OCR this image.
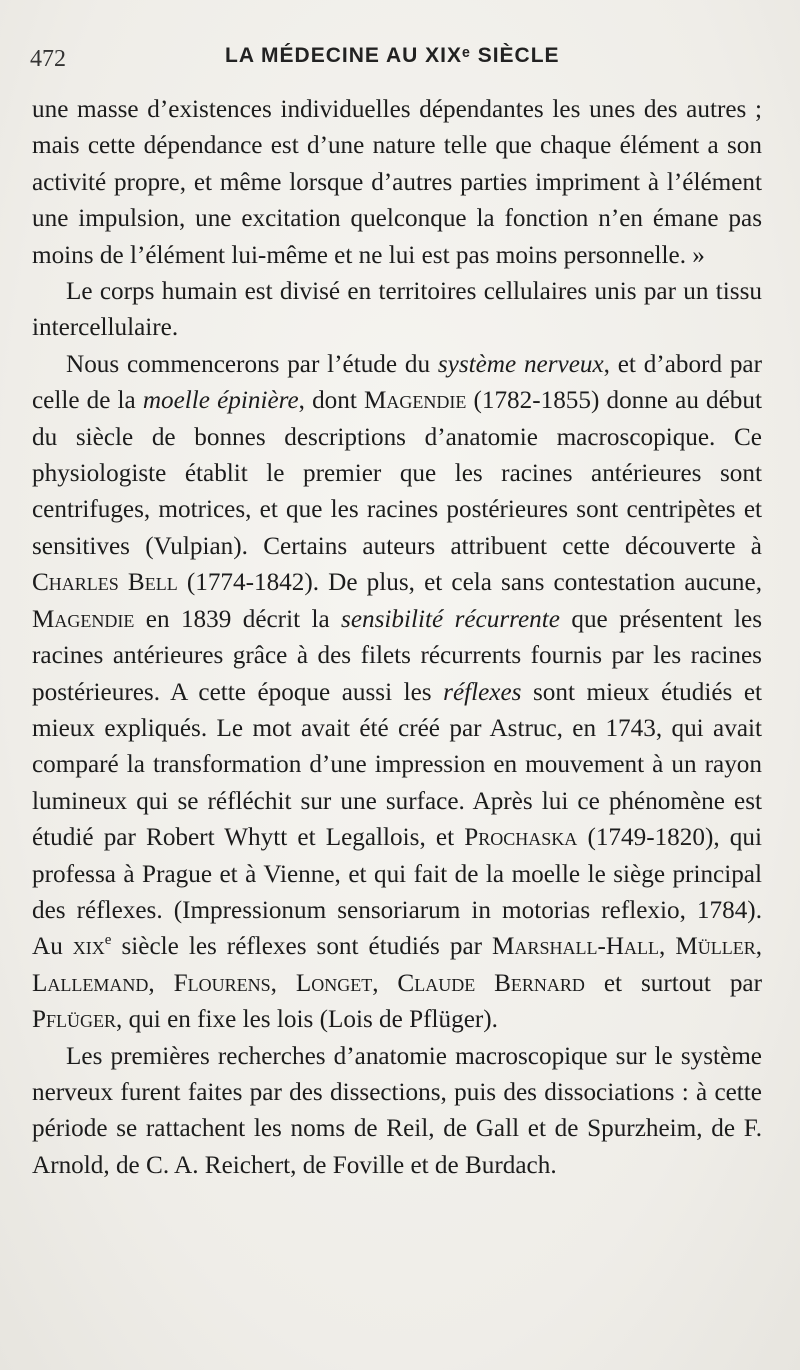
472	LA MÉDECINE AU XIXᵉ SIÈCLE

une masse d’existences individuelles dépendantes les unes des autres ; mais cette dépendance est d’une nature telle que chaque élément a son activité propre, et même lorsque d’autres parties impriment à l’élément une impulsion, une excitation quelconque la fonction n’en émane pas moins de l’élément lui-même et ne lui est pas moins personnelle. »

Le corps humain est divisé en territoires cellulaires unis par un tissu intercellulaire.

Nous commencerons par l’étude du système nerveux, et d’abord par celle de la moelle épinière, dont Magendie (1782-1855) donne au début du siècle de bonnes descriptions d’anatomie macroscopique. Ce physiologiste établit le premier que les racines antérieures sont centrifuges, motrices, et que les racines postérieures sont centripètes et sensitives (Vulpian). Certains auteurs attribuent cette découverte à Charles Bell (1774-1842). De plus, et cela sans contestation aucune, Magendie en 1839 décrit la sensibilité récurrente que présentent les racines antérieures grâce à des filets récurrents fournis par les racines postérieures. A cette époque aussi les réflexes sont mieux étudiés et mieux expliqués. Le mot avait été créé par Astruc, en 1743, qui avait comparé la transformation d’une impression en mouvement à un rayon lumineux qui se réfléchit sur une surface. Après lui ce phénomène est étudié par Robert Whytt et Legallois, et Prochaska (1749-1820), qui professa à Prague et à Vienne, et qui fait de la moelle le siège principal des réflexes. (Impressionum sensoriarum in motorias reflexio, 1784). Au xix$^e$ siècle les réflexes sont étudiés par Marshall-Hall, Müller, Lallemand, Flourens, Longet, Claude Bernard et surtout par Pflüger, qui en fixe les lois (Lois de Pflüger).

Les premières recherches d’anatomie macroscopique sur le système nerveux furent faites par des dissections, puis des dissociations : à cette période se rattachent les noms de Reil, de Gall et de Spurzheim, de F. Arnold, de C. A. Reichert, de Foville et de Burdach.
